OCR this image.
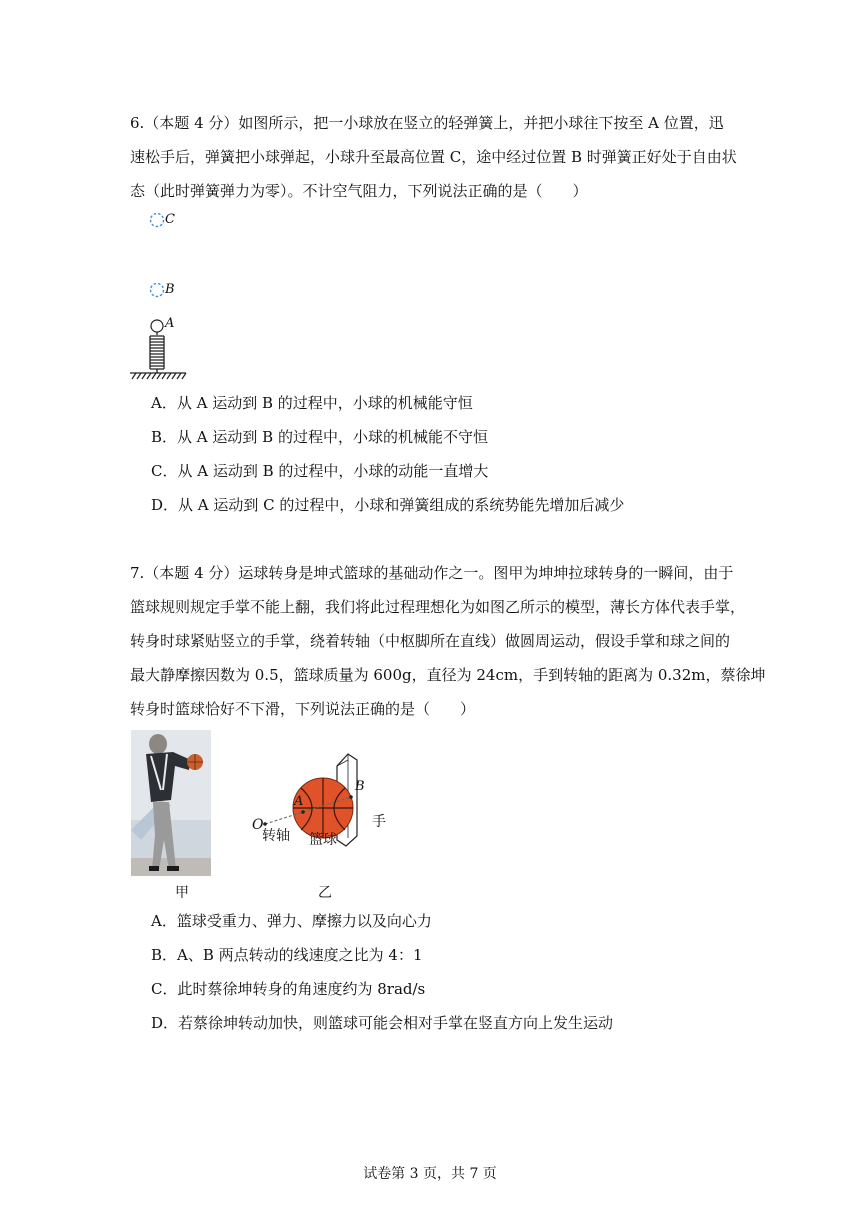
6.（本题 4 分）如图所示，把一小球放在竖立的轻弹簧上，并把小球往下按至 A 位置，迅
速松手后，弹簧把小球弹起，小球升至最高位置 C，途中经过位置 B 时弹簧正好处于自由状
态（此时弹簧弹力为零）。不计空气阻力，下列说法正确的是（　　）
C
B
A
A．从 A 运动到 B 的过程中，小球的机械能守恒
B．从 A 运动到 B 的过程中，小球的机械能不守恒
C．从 A 运动到 B 的过程中，小球的动能一直增大
D．从 A 运动到 C 的过程中，小球和弹簧组成的系统势能先增加后减少
7.（本题 4 分）运球转身是坤式篮球的基础动作之一。图甲为坤坤拉球转身的一瞬间，由于
篮球规则规定手掌不能上翻，我们将此过程理想化为如图乙所示的模型，薄长方体代表手掌，
转身时球紧贴竖立的手掌，绕着转轴（中枢脚所在直线）做圆周运动，假设手掌和球之间的
最大静摩擦因数为 0.5，篮球质量为 600g，直径为 24cm，手到转轴的距离为 0.32m，蔡徐坤
转身时篮球恰好不下滑，下列说法正确的是（　　）
甲
O
A
B
转轴 篮球
手
乙
A．篮球受重力、弹力、摩擦力以及向心力
B．A、B 两点转动的线速度之比为 4：1
C．此时蔡徐坤转身的角速度约为 8rad/s
D．若蔡徐坤转动加快，则篮球可能会相对手掌在竖直方向上发生运动
试卷第 3 页，共 7 页
